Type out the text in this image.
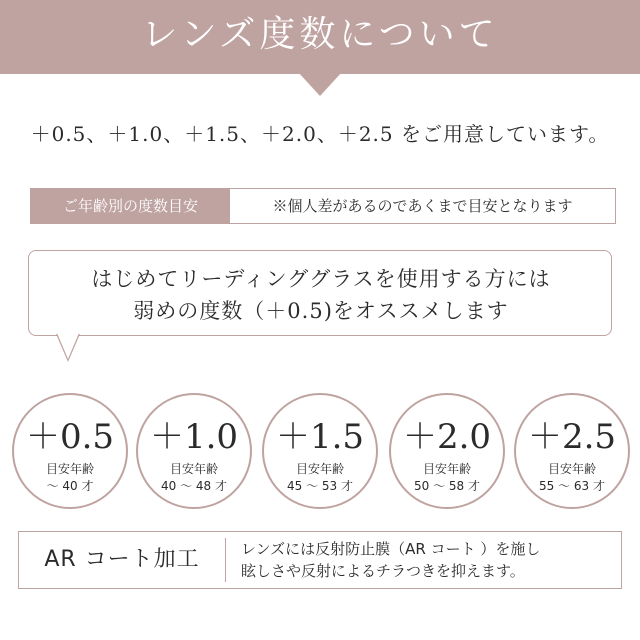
レンズ度数について
＋0.5、＋1.0、＋1.5、＋2.0、＋2.5 をご用意しています。
ご年齢別の度数目安	※個人差があるのであくまで目安となります
はじめてリーディンググラスを使用する方には
弱めの度数（＋0.5)をオススメします
＋0.5
目安年齢
〜 40 才
＋1.0
目安年齢
40 〜 48 才
＋1.5
目安年齢
45 〜 53 才
＋2.0
目安年齢
50 〜 58 才
＋2.5
目安年齢
55 〜 63 才
AR コート加工	レンズには反射防止膜（AR コート ）を施し
眩しさや反射によるチラつきを抑えます。
